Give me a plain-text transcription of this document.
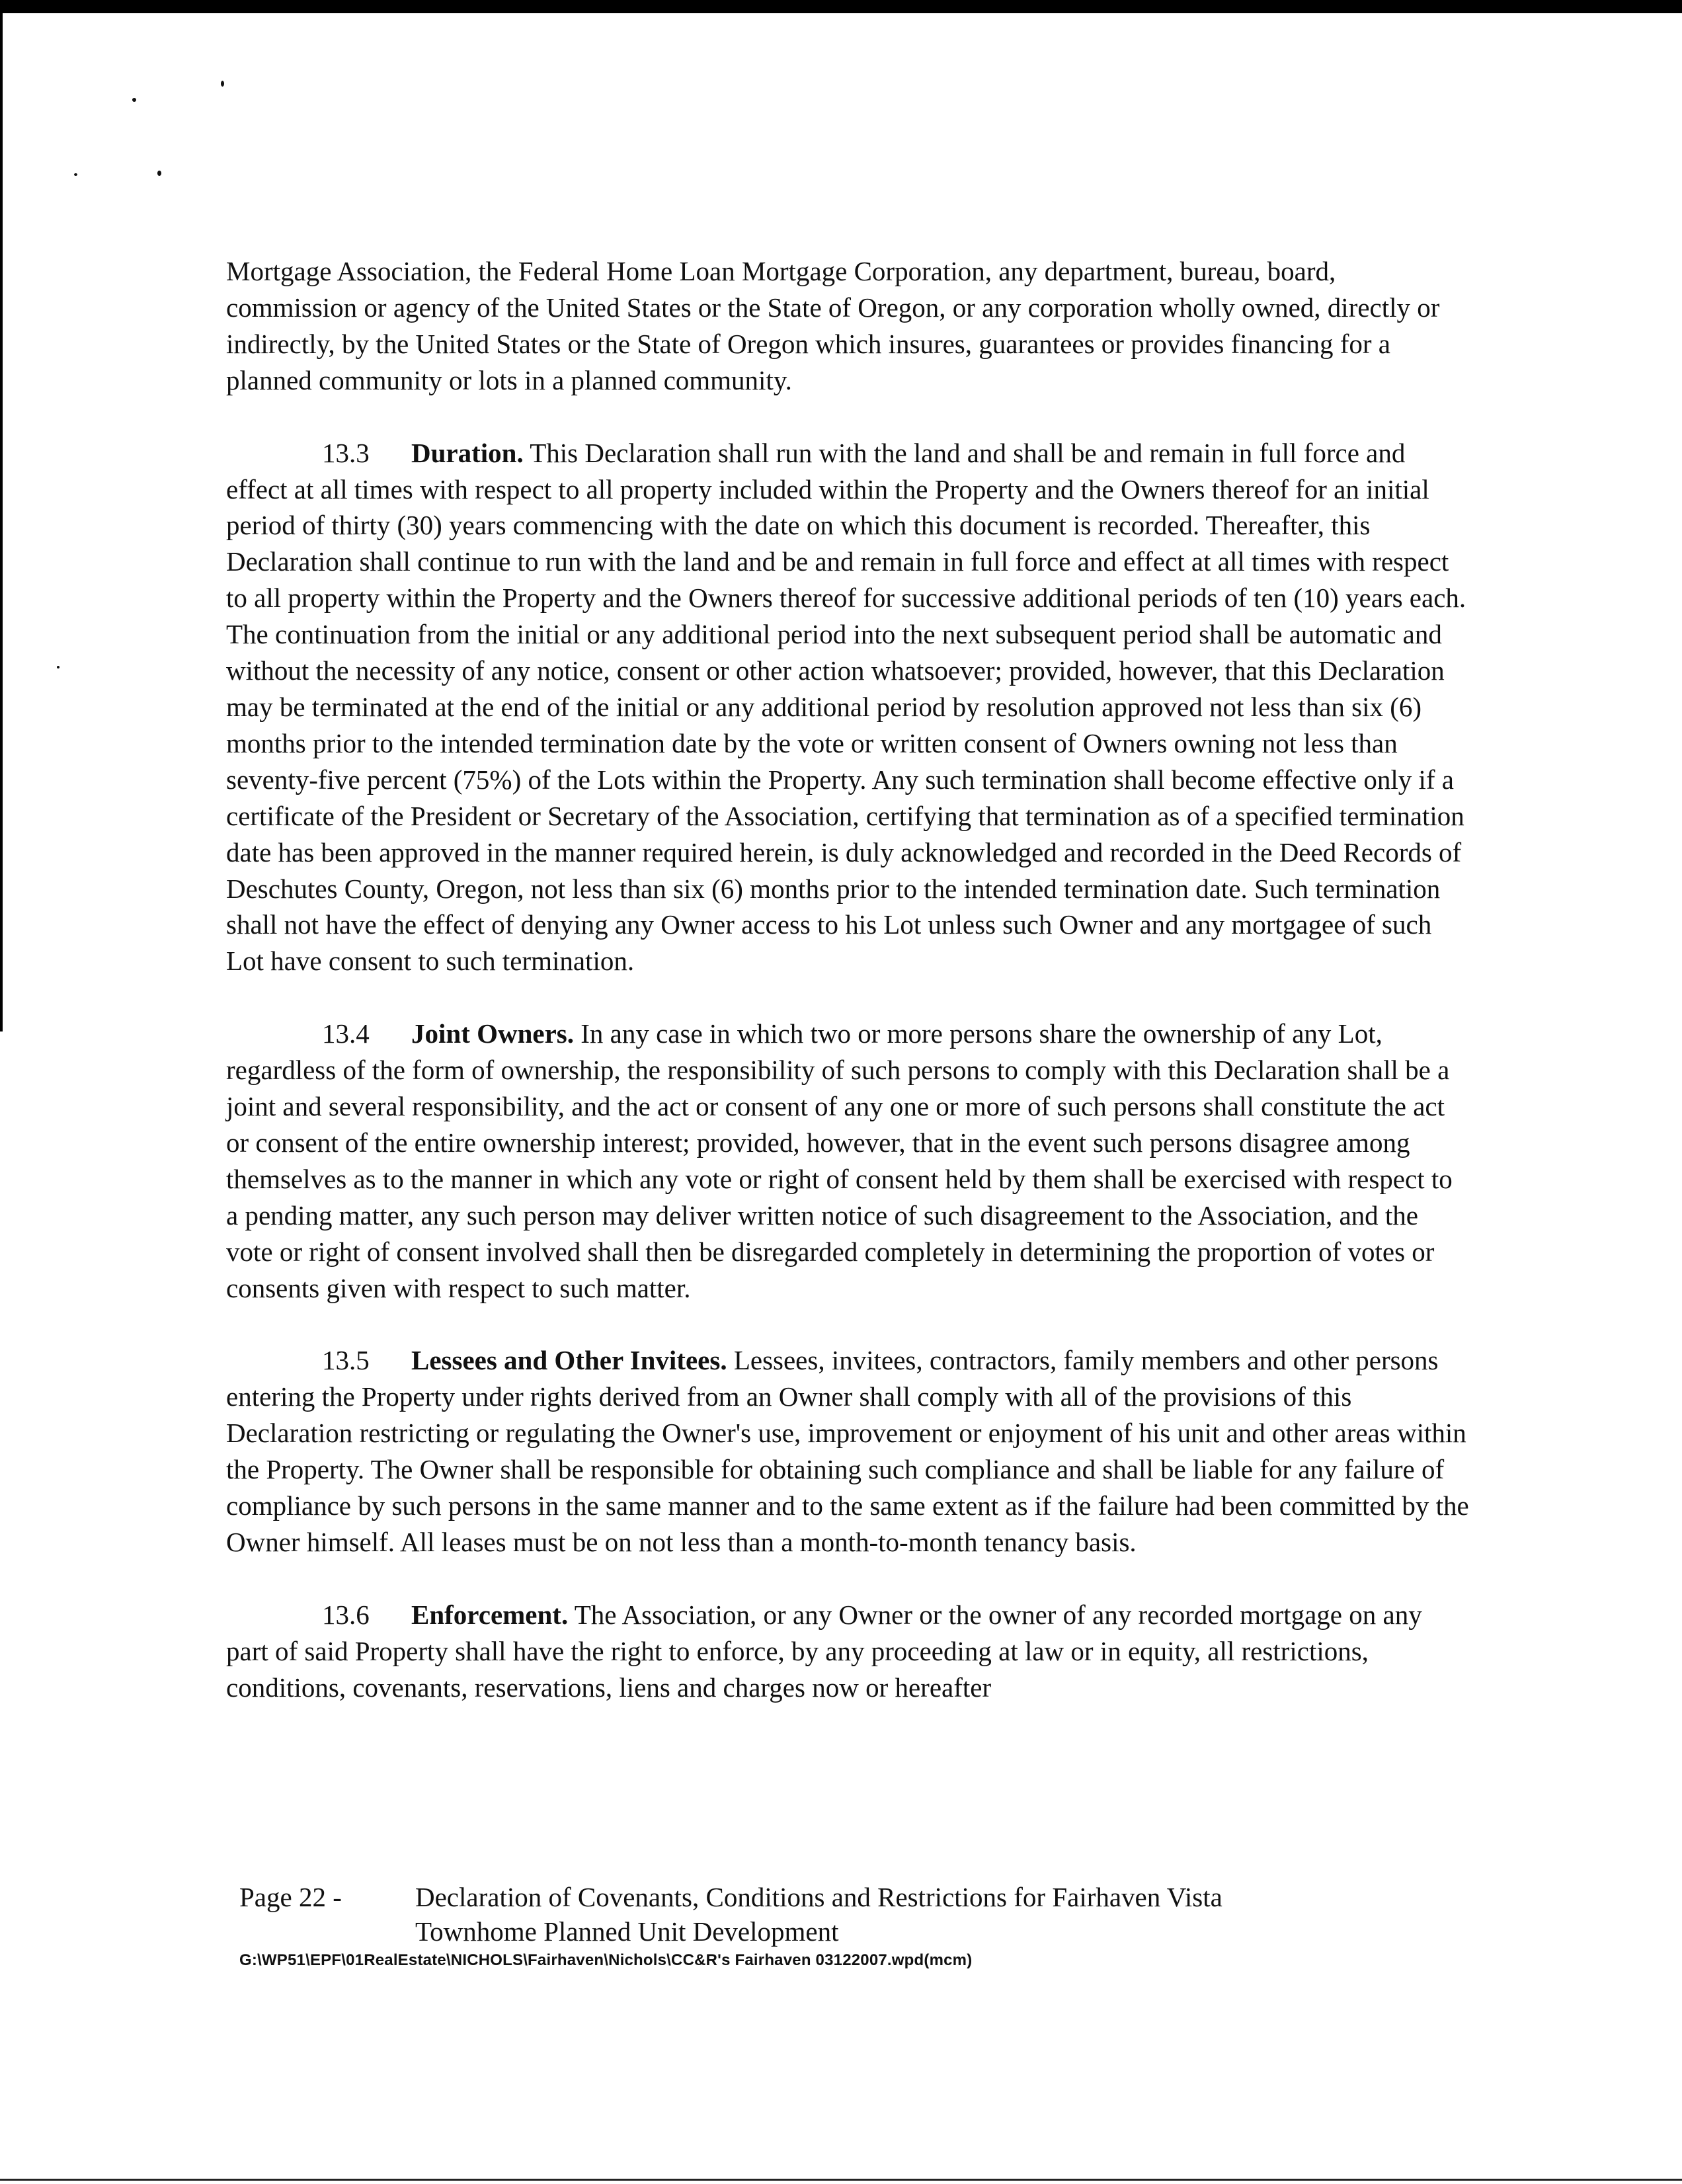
Mortgage Association, the Federal Home Loan Mortgage Corporation, any department, bureau, board, commission or agency of the United States or the State of Oregon, or any corporation wholly owned, directly or indirectly, by the United States or the State of Oregon which insures, guarantees or provides financing for a planned community or lots in a planned community.

13.3 Duration. This Declaration shall run with the land and shall be and remain in full force and effect at all times with respect to all property included within the Property and the Owners thereof for an initial period of thirty (30) years commencing with the date on which this document is recorded. Thereafter, this Declaration shall continue to run with the land and be and remain in full force and effect at all times with respect to all property within the Property and the Owners thereof for successive additional periods of ten (10) years each. The continuation from the initial or any additional period into the next subsequent period shall be automatic and without the necessity of any notice, consent or other action whatsoever; provided, however, that this Declaration may be terminated at the end of the initial or any additional period by resolution approved not less than six (6) months prior to the intended termination date by the vote or written consent of Owners owning not less than seventy-five percent (75%) of the Lots within the Property. Any such termination shall become effective only if a certificate of the President or Secretary of the Association, certifying that termination as of a specified termination date has been approved in the manner required herein, is duly acknowledged and recorded in the Deed Records of Deschutes County, Oregon, not less than six (6) months prior to the intended termination date. Such termination shall not have the effect of denying any Owner access to his Lot unless such Owner and any mortgagee of such Lot have consent to such termination.

13.4 Joint Owners. In any case in which two or more persons share the ownership of any Lot, regardless of the form of ownership, the responsibility of such persons to comply with this Declaration shall be a joint and several responsibility, and the act or consent of any one or more of such persons shall constitute the act or consent of the entire ownership interest; provided, however, that in the event such persons disagree among themselves as to the manner in which any vote or right of consent held by them shall be exercised with respect to a pending matter, any such person may deliver written notice of such disagreement to the Association, and the vote or right of consent involved shall then be disregarded completely in determining the proportion of votes or consents given with respect to such matter.

13.5 Lessees and Other Invitees. Lessees, invitees, contractors, family members and other persons entering the Property under rights derived from an Owner shall comply with all of the provisions of this Declaration restricting or regulating the Owner's use, improvement or enjoyment of his unit and other areas within the Property. The Owner shall be responsible for obtaining such compliance and shall be liable for any failure of compliance by such persons in the same manner and to the same extent as if the failure had been committed by the Owner himself. All leases must be on not less than a month-to-month tenancy basis.

13.6 Enforcement. The Association, or any Owner or the owner of any recorded mortgage on any part of said Property shall have the right to enforce, by any proceeding at law or in equity, all restrictions, conditions, covenants, reservations, liens and charges now or hereafter

Page 22 -	Declaration of Covenants, Conditions and Restrictions for Fairhaven Vista
Townhome Planned Unit Development
G:\WP51\EPF\01RealEstate\NICHOLS\Fairhaven\Nichols\CC&R's Fairhaven 03122007.wpd(mcm)
